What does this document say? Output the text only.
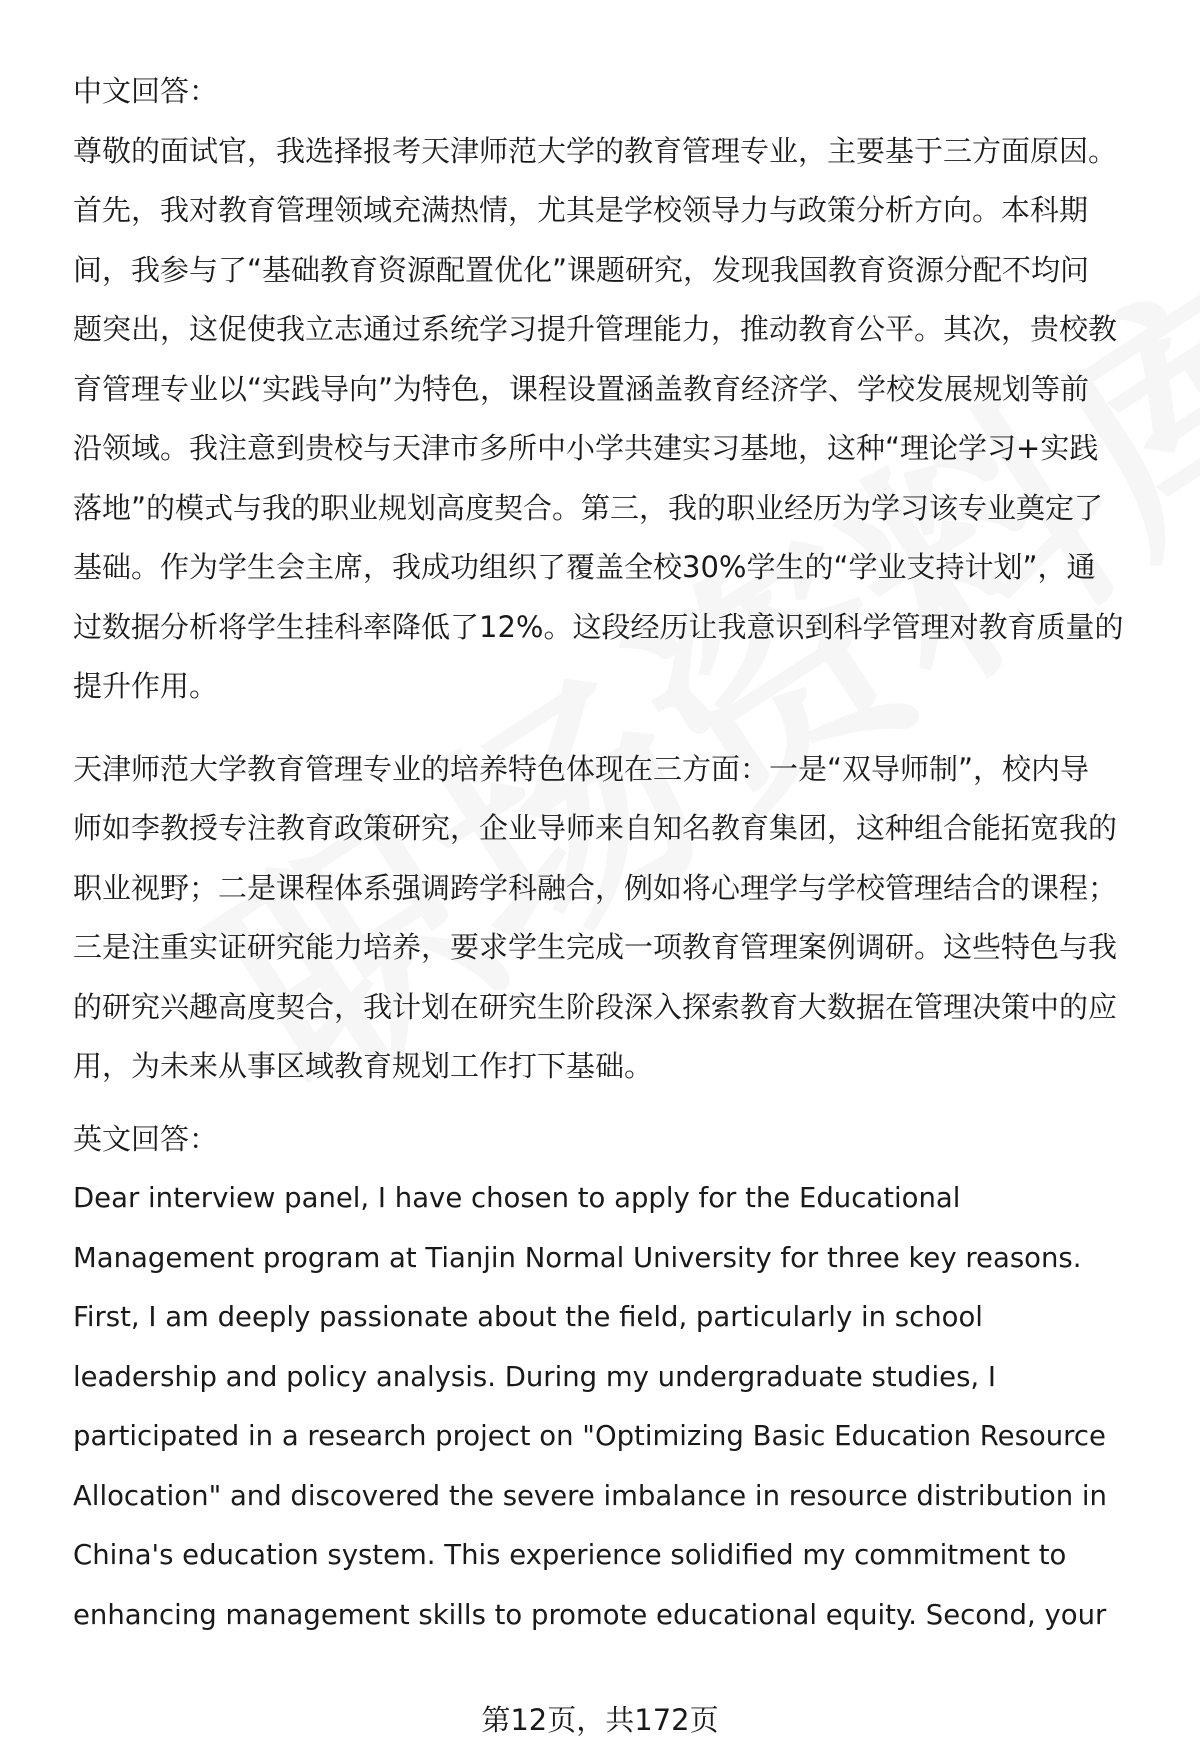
中文回答：
尊敬的面试官，我选择报考天津师范大学的教育管理专业，主要基于三方面原因。
首先，我对教育管理领域充满热情，尤其是学校领导力与政策分析方向。本科期
间，我参与了“基础教育资源配置优化”课题研究，发现我国教育资源分配不均问
题突出，这促使我立志通过系统学习提升管理能力，推动教育公平。其次，贵校教
育管理专业以“实践导向”为特色，课程设置涵盖教育经济学、学校发展规划等前
沿领域。我注意到贵校与天津市多所中小学共建实习基地，这种“理论学习+实践
落地”的模式与我的职业规划高度契合。第三，我的职业经历为学习该专业奠定了
基础。作为学生会主席，我成功组织了覆盖全校30%学生的“学业支持计划”，通
过数据分析将学生挂科率降低了12%。这段经历让我意识到科学管理对教育质量的
提升作用。
天津师范大学教育管理专业的培养特色体现在三方面：一是“双导师制”，校内导
师如李教授专注教育政策研究，企业导师来自知名教育集团，这种组合能拓宽我的
职业视野；二是课程体系强调跨学科融合，例如将心理学与学校管理结合的课程；
三是注重实证研究能力培养，要求学生完成一项教育管理案例调研。这些特色与我
的研究兴趣高度契合，我计划在研究生阶段深入探索教育大数据在管理决策中的应
用，为未来从事区域教育规划工作打下基础。
英文回答：
Dear interview panel, I have chosen to apply for the Educational
Management program at Tianjin Normal University for three key reasons.
First, I am deeply passionate about the field, particularly in school
leadership and policy analysis. During my undergraduate studies, I
participated in a research project on "Optimizing Basic Education Resource
Allocation" and discovered the severe imbalance in resource distribution in
China's education system. This experience solidified my commitment to
enhancing management skills to promote educational equity. Second, your
第12页，共172页
